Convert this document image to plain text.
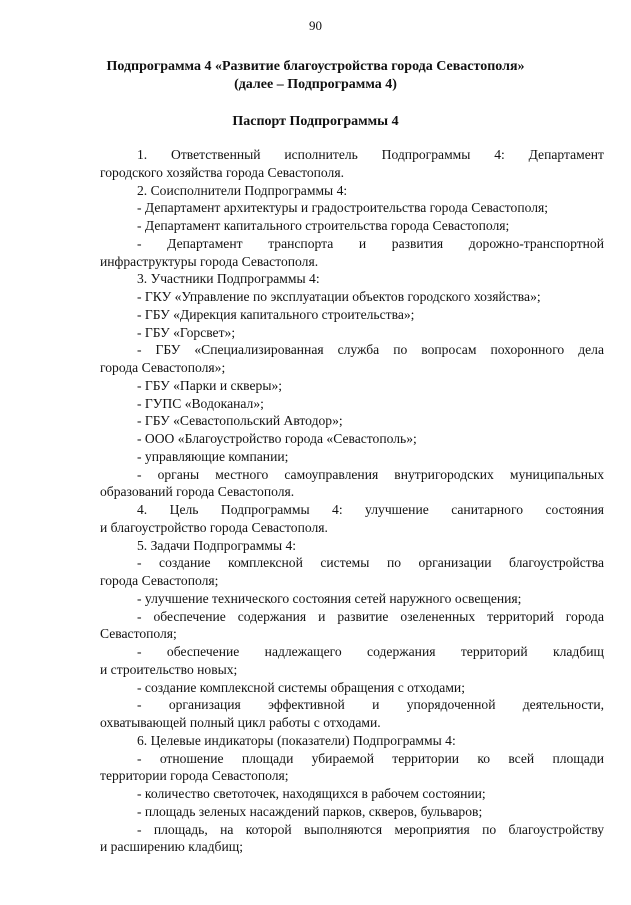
90
Подпрограмма 4 «Развитие благоустройства города Севастополя»
(далее – Подпрограмма 4)
Паспорт Подпрограммы 4
1. Ответственный исполнитель Подпрограммы 4: Департамент
городского хозяйства города Севастополя.
2. Соисполнители Подпрограммы 4:
- Департамент архитектуры и градостроительства города Севастополя;
- Департамент капитального строительства города Севастополя;
- Департамент транспорта и развития дорожно-транспортной
инфраструктуры города Севастополя.
3. Участники Подпрограммы 4:
- ГКУ «Управление по эксплуатации объектов городского хозяйства»;
- ГБУ «Дирекция капитального строительства»;
- ГБУ «Горсвет»;
- ГБУ «Специализированная служба по вопросам похоронного дела
города Севастополя»;
- ГБУ «Парки и скверы»;
- ГУПС «Водоканал»;
- ГБУ «Севастопольский Автодор»;
- ООО «Благоустройство города «Севастополь»;
- управляющие компании;
- органы местного самоуправления внутригородских муниципальных
образований города Севастополя.
4. Цель Подпрограммы 4: улучшение санитарного состояния
и благоустройство города Севастополя.
5. Задачи Подпрограммы 4:
- создание комплексной системы по организации благоустройства
города Севастополя;
- улучшение технического состояния сетей наружного освещения;
- обеспечение содержания и развитие озелененных территорий города
Севастополя;
- обеспечение надлежащего содержания территорий кладбищ
и строительство новых;
- создание комплексной системы обращения с отходами;
- организация эффективной и упорядоченной деятельности,
охватывающей полный цикл работы с отходами.
6. Целевые индикаторы (показатели) Подпрограммы 4:
- отношение площади убираемой территории ко всей площади
территории города Севастополя;
- количество светоточек, находящихся в рабочем состоянии;
- площадь зеленых насаждений парков, скверов, бульваров;
- площадь, на которой выполняются мероприятия по благоустройству
и расширению кладбищ;
